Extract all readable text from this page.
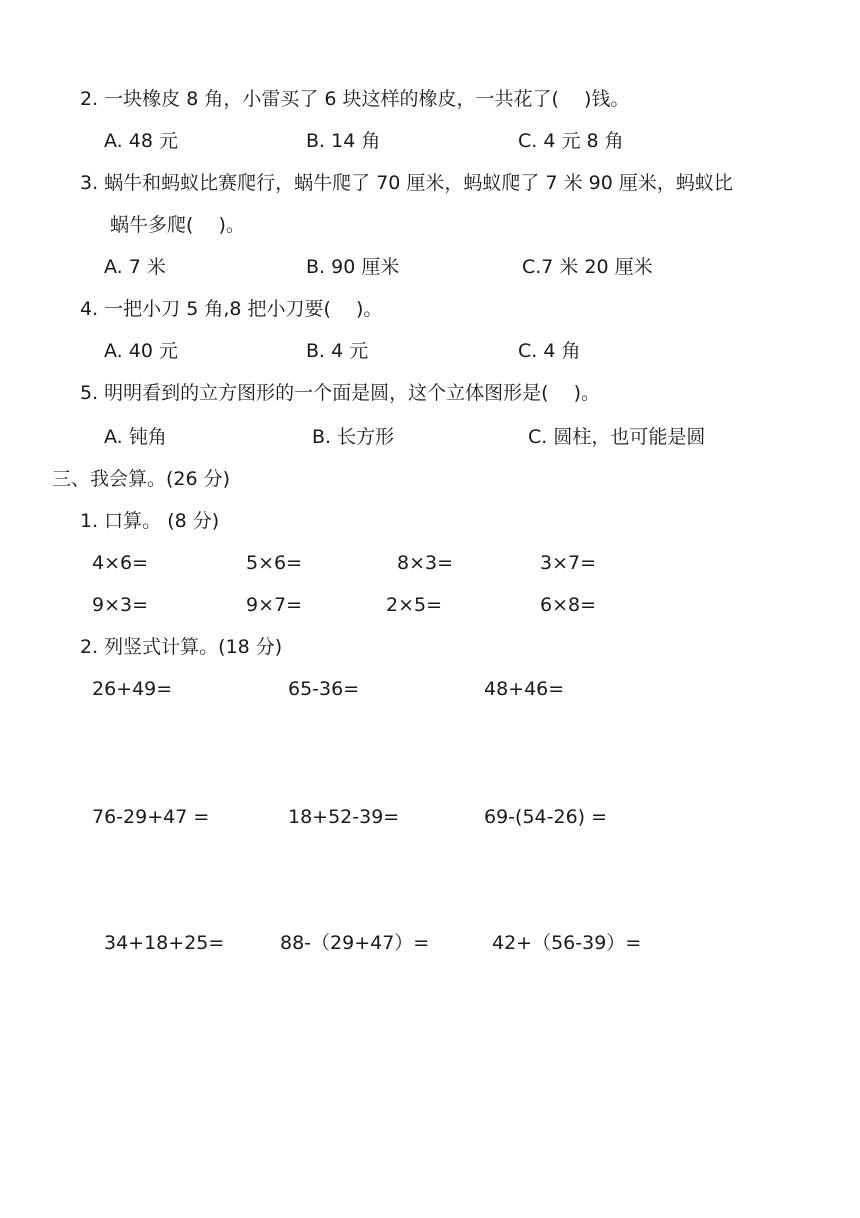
2. 一块橡皮 8 角，小雷买了 6 块这样的橡皮，一共花了(　 )钱。
A. 48 元	B. 14 角	C. 4 元 8 角
3. 蜗牛和蚂蚁比赛爬行，蜗牛爬了 70 厘米，蚂蚁爬了 7 米 90 厘米，蚂蚁比
蜗牛多爬(　 )。
A. 7 米	B. 90 厘米	C.7 米 20 厘米
4. 一把小刀 5 角,8 把小刀要(　 )。
A. 40 元	B. 4 元	C. 4 角
5. 明明看到的立方图形的一个面是圆，这个立体图形是(　 )。
A. 钝角	B. 长方形	C. 圆柱，也可能是圆
三、我会算。(26 分)
1. 口算。 (8 分)
4×6=	5×6=	8×3=	3×7=
9×3=	9×7=	2×5=	6×8=
2. 列竖式计算。(18 分)
26+49=	65-36=	48+46=
76-29+47 =	18+52-39=	69-(54-26) =
34+18+25=	88-（29+47）=	42+（56-39）=
